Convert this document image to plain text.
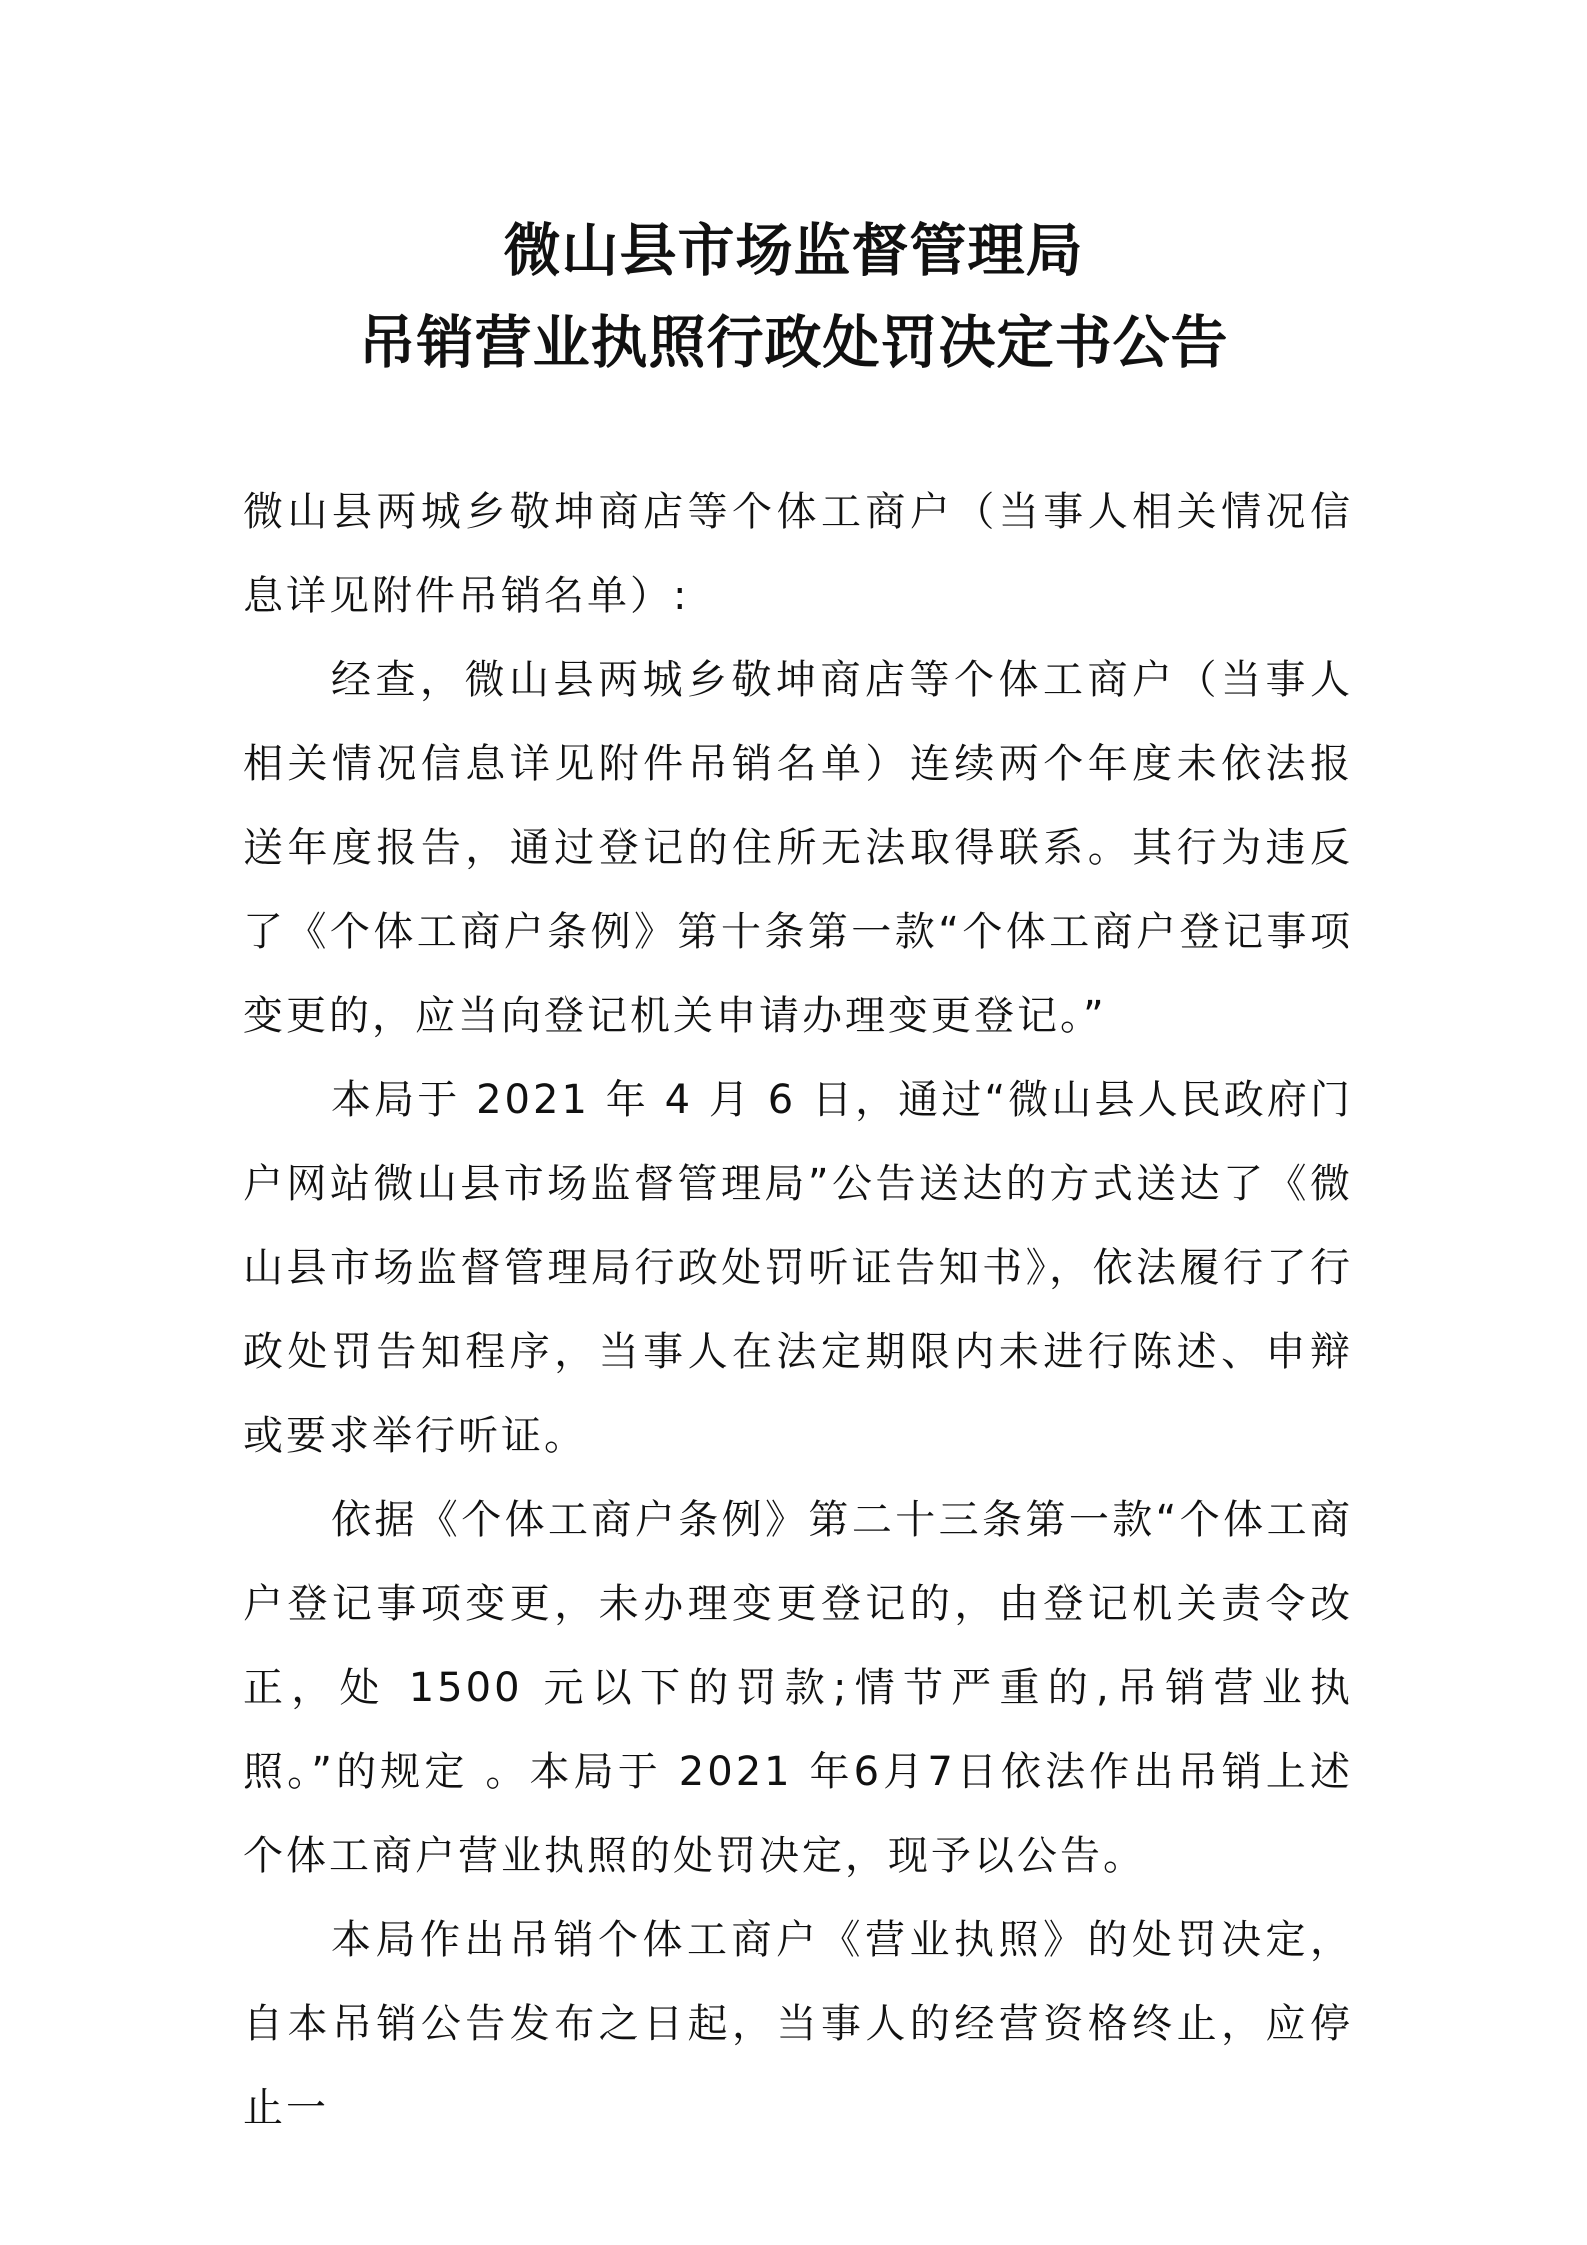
微山县市场监督管理局
吊销营业执照行政处罚决定书公告

微山县两城乡敬坤商店等个体工商户（当事人相关情况信息详见附件吊销名单）:

经查，微山县两城乡敬坤商店等个体工商户（当事人相关情况信息详见附件吊销名单）连续两个年度未依法报送年度报告，通过登记的住所无法取得联系。其行为违反了《个体工商户条例》第十条第一款“个体工商户登记事项变更的，应当向登记机关申请办理变更登记。”

本局于 2021 年 4 月 6 日，通过“微山县人民政府门户网站微山县市场监督管理局”公告送达的方式送达了《微山县市场监督管理局行政处罚听证告知书》，依法履行了行政处罚告知程序，当事人在法定期限内未进行陈述、申辩或要求举行听证。

依据《个体工商户条例》第二十三条第一款“个体工商户登记事项变更，未办理变更登记的，由登记机关责令改正，处 1500 元以下的罚款;情节严重的,吊销营业执照。”的规定 。本局于 2021 年6月7日依法作出吊销上述个体工商户营业执照的处罚决定，现予以公告。

本局作出吊销个体工商户《营业执照》的处罚决定，自本吊销公告发布之日起，当事人的经营资格终止，应停止一
